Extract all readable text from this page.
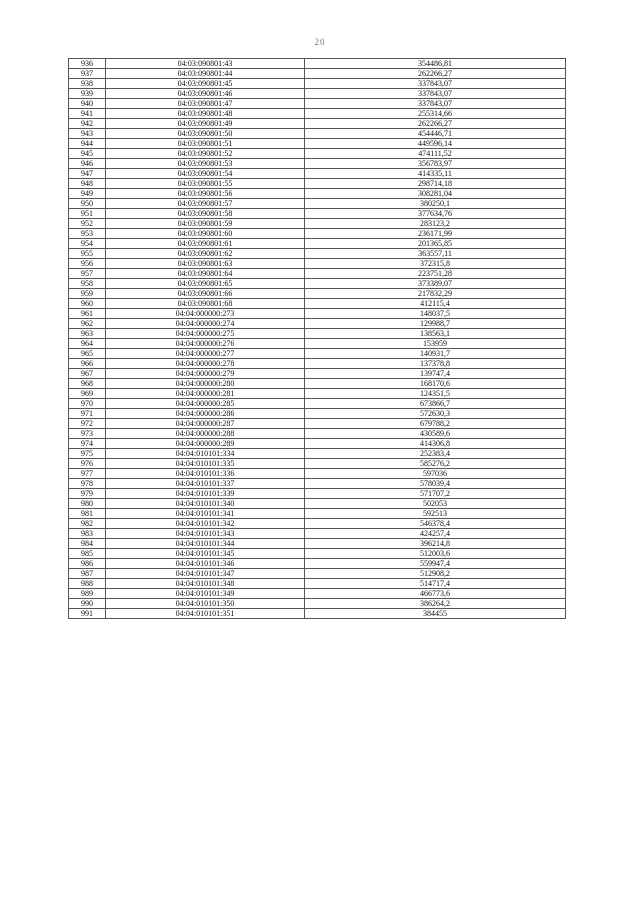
20
936	04:03:090801:43	354486,81
937	04:03:090801:44	262266,27
938	04:03:090801:45	337843,07
939	04:03:090801:46	337843,07
940	04:03:090801:47	337843,07
941	04:03:090801:48	255314,66
942	04:03:090801:49	262266,27
943	04:03:090801:50	454446,71
944	04:03:090801:51	449596,14
945	04:03:090801:52	474111,52
946	04:03:090801:53	356783,97
947	04:03:090801:54	414335,11
948	04:03:090801:55	298714,18
949	04:03:090801:56	308281,04
950	04:03:090801:57	380250,1
951	04:03:090801:58	377634,76
952	04:03:090801:59	283123,2
953	04:03:090801:60	236171,99
954	04:03:090801:61	201365,85
955	04:03:090801:62	363557,11
956	04:03:090801:63	372315,8
957	04:03:090801:64	223751,28
958	04:03:090801:65	373389,07
959	04:03:090801:66	217832,29
960	04:03:090801:68	412115,4
961	04:04:000000:273	148037,5
962	04:04:000000:274	129988,7
963	04:04:000000:275	138563,1
964	04:04:000000:276	153959
965	04:04:000000:277	140931,7
966	04:04:000000:278	137378,8
967	04:04:000000:279	139747,4
968	04:04:000000:280	168170,6
969	04:04:000000:281	124351,5
970	04:04:000000:285	673866,7
971	04:04:000000:286	572630,3
972	04:04:000000:287	679788,2
973	04:04:000000:288	430589,6
974	04:04:000000:289	414306,8
975	04:04:010101:334	252383,4
976	04:04:010101:335	585276,2
977	04:04:010101:336	597036
978	04:04:010101:337	578039,4
979	04:04:010101:339	571707,2
980	04:04:010101:340	502053
981	04:04:010101:341	592513
982	04:04:010101:342	546378,4
983	04:04:010101:343	424257,4
984	04:04:010101:344	396214,8
985	04:04:010101:345	512003,6
986	04:04:010101:346	559947,4
987	04:04:010101:347	512908,2
988	04:04:010101:348	514717,4
989	04:04:010101:349	466773,6
990	04:04:010101:350	386264,2
991	04:04:010101:351	384455
